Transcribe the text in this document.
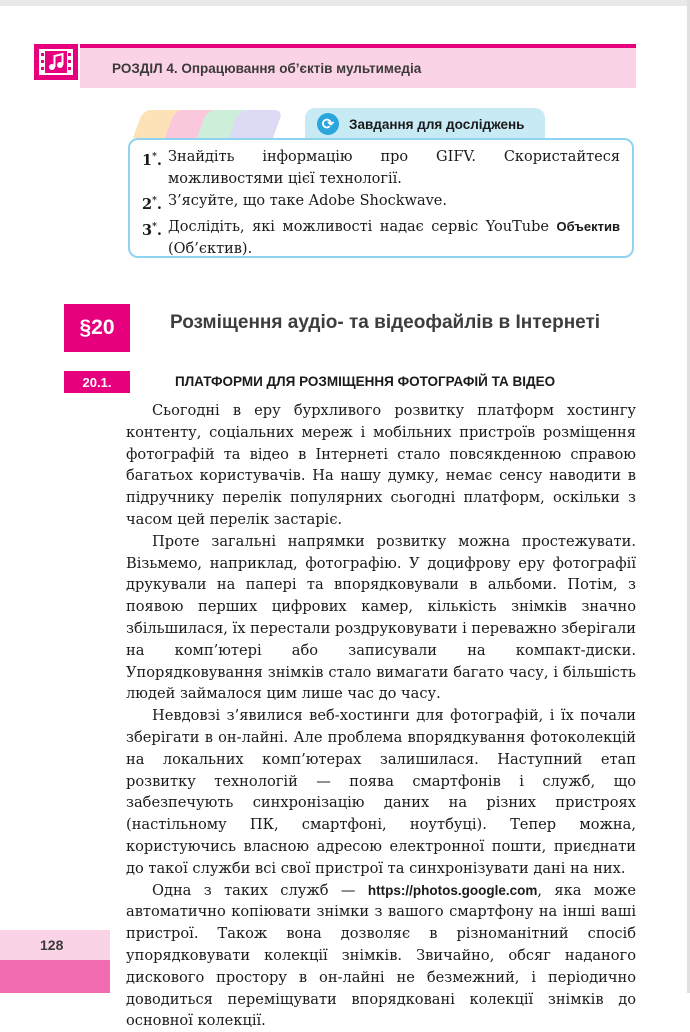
РОЗДІЛ 4. Опрацювання об’єктів мультимедіа
⟳	Завдання для досліджень
1*. Знайдіть інформацію про GIFV. Скористайтеся можливостями цієї технології.
2*. З’ясуйте, що таке Adobe Shockwave.
3*. Дослідіть, які можливості надає сервіс YouTube Объектив (Об’єктив).
§20	Розміщення аудіо- та відеофайлів в Інтернеті
20.1.	ПЛАТФОРМИ ДЛЯ РОЗМІЩЕННЯ ФОТОГРАФІЙ ТА ВІДЕО

Сьогодні в еру бурхливого розвитку платформ хостингу контенту, соціальних мереж і мобільних пристроїв розміщення фотографій та відео в Інтернеті стало повсякденною справою багатьох користувачів. На нашу думку, немає сенсу наводити в підручнику перелік популярних сьогодні платформ, оскільки з часом цей перелік застаріє.

Проте загальні напрямки розвитку можна простежувати. Візьмемо, наприклад, фотографію. У доцифрову еру фотографії друкували на папері та впорядковували в альбоми. Потім, з появою перших цифрових камер, кількість знімків значно збільшилася, їх перестали роздруковувати і переважно зберігали на комп’ютері або записували на компакт-диски. Упорядковування знімків стало вимагати багато часу, і більшість людей займалося цим лише час до часу.

Невдовзі з’явилися веб-хостинги для фотографій, і їх почали зберігати в он-лайні. Але проблема впорядкування фотоколекцій на локальних комп’ютерах залишилася. Наступний етап розвитку технологій — поява смартфонів і служб, що забезпечують синхронізацію даних на різних пристроях (настільному ПК, смартфоні, ноутбуці). Тепер можна, користуючись власною адресою електронної пошти, приєднати до такої служби всі свої пристрої та синхронізувати дані на них.

Одна з таких служб — https://photos.google.com, яка може автоматично копіювати знімки з вашого смартфону на інші ваші пристрої. Також вона дозволяє в різноманітний спосіб упорядковувати колекції знімків. Звичайно, обсяг наданого дискового простору в он-лайні не безмежний, і періодично доводиться переміщувати впорядковані колекції знімків до основної колекції.

128
